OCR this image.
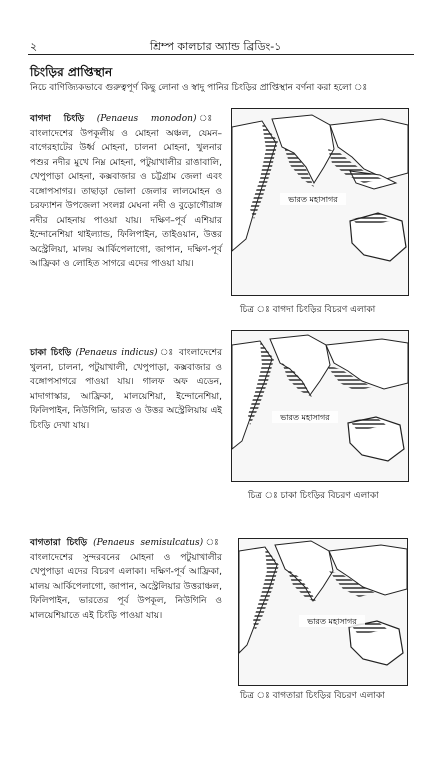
২	শ্রিম্প কালচার অ্যান্ড ব্রিডিং-১
চিংড়ির প্রাপ্তিস্থান
নিচে বাণিজ্যিকভাবে গুরুত্বপূর্ণ কিছু লোনা ও স্বাদু পানির চিংড়ির প্রাপ্তিস্থান বর্ণনা করা হলো ঃ
বাগদা চিংড়ি (Penaeus monodon) বাংলাদেশের উপকূলীয় ও মোহনা অঞ্চল, যেমন– বাগেরহাটের উর্ধ্ব মোহনা, চালনা মোহনা, খুলনার পশুর নদীর মুখে নিম্ন মোহনা, পটুয়াখালীর রাঙাবালি, খেপুপাড়া মোহনা, কক্সবাজার ও চট্টগ্রাম জেলা এবং বঙ্গোপসাগর। তাছাড়া ভোলা জেলার লালমোহন ও চরফ্যাশন উপজেলা সংলগ্ন মেঘনা নদী ও বুড়োগৌরাঙ্গ নদীর মোহনায় পাওয়া যায়। দক্ষিণ–পূর্ব এশিয়ার ইন্দোনেশিয়া থাইল্যান্ড, ফিলিপাইন, তাইওয়ান, উত্তর অস্ট্রেলিয়া, মালয় আর্কিপেলাগো, জাপান, দক্ষিণ-পূর্ব আফ্রিকা ও লোহিত সাগরে এদের পাওয়া যায়।
ভারত মহাসাগর
চিত্র ঃ বাগদা চিংড়ির বিচরণ এলাকা
চাকা চিংড়ি (Penaeus indicus) বাংলাদেশের খুলনা, চালনা, পটুয়াখালী, খেপুপাড়া, কক্সবাজার ও বঙ্গোপসাগরে পাওয়া যায়। গালফ অফ এডেন, মাদাগাস্কার, আফ্রিকা, মালয়েশিয়া, ইন্দোনেশিয়া, ফিলিপাইন, নিউগিনি, ভারত ও উত্তর অস্ট্রেলিয়ায় এই চিংড়ি দেখা যায়।
ভারত মহাসাগর
চিত্র ঃ চাকা চিংড়ির বিচরণ এলাকা
বাগতারা চিংড়ি (Penaeus semisulcatus) বাংলাদেশের সুন্দরবনের মোহনা ও পটুয়াখালীর খেপুপাড়া এদের বিচরণ এলাকা। দক্ষিণ-পূর্ব আফ্রিকা, মালয় আর্কিপেলাগো, জাপান, অস্ট্রেলিয়ার উত্তরাঞ্চল, ফিলিপাইন, ভারতের পূর্ব উপকূল, নিউগিনি ও মালয়েশিয়াতে এই চিংড়ি পাওয়া যায়।
ভারত মহাসাগর
চিত্র ঃ বাগতারা চিংড়ির বিচরণ এলাকা
